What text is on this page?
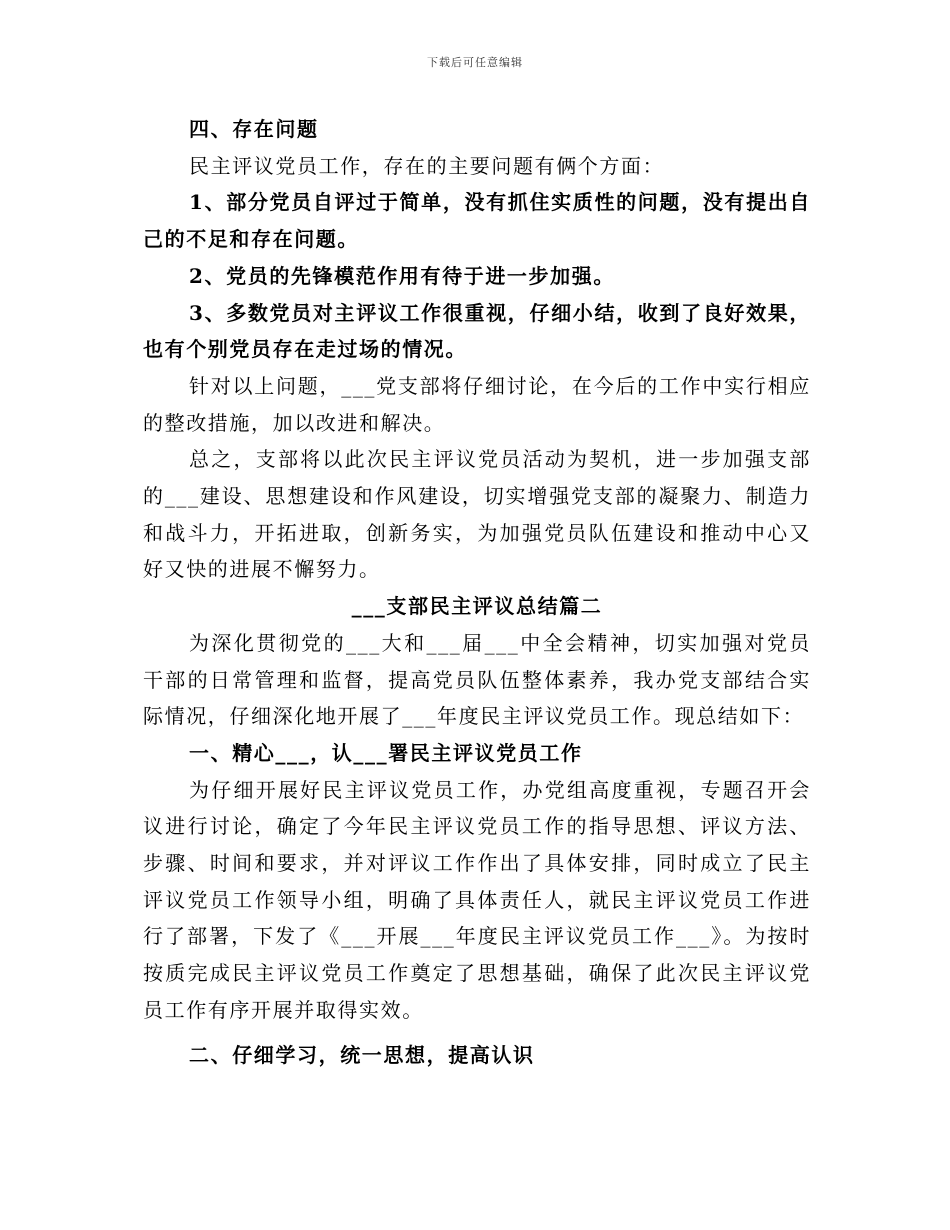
下载后可任意编辑

四、存在问题

民主评议党员工作，存在的主要问题有俩个方面：

1、部分党员自评过于简单，没有抓住实质性的问题，没有提出自己的不足和存在问题。

2、党员的先锋模范作用有待于进一步加强。

3、多数党员对主评议工作很重视，仔细小结，收到了良好效果，也有个别党员存在走过场的情况。

针对以上问题，___党支部将仔细讨论，在今后的工作中实行相应的整改措施，加以改进和解决。

总之，支部将以此次民主评议党员活动为契机，进一步加强支部的___建设、思想建设和作风建设，切实增强党支部的凝聚力、制造力和战斗力，开拓进取，创新务实，为加强党员队伍建设和推动中心又好又快的进展不懈努力。

___支部民主评议总结篇二

为深化贯彻党的___大和___届___中全会精神，切实加强对党员干部的日常管理和监督，提高党员队伍整体素养，我办党支部结合实际情况，仔细深化地开展了___年度民主评议党员工作。现总结如下：

一、精心___，认___署民主评议党员工作

为仔细开展好民主评议党员工作，办党组高度重视，专题召开会议进行讨论，确定了今年民主评议党员工作的指导思想、评议方法、步骤、时间和要求，并对评议工作作出了具体安排，同时成立了民主评议党员工作领导小组，明确了具体责任人，就民主评议党员工作进行了部署，下发了《___开展___年度民主评议党员工作___》。为按时按质完成民主评议党员工作奠定了思想基础，确保了此次民主评议党员工作有序开展并取得实效。

二、仔细学习，统一思想，提高认识
